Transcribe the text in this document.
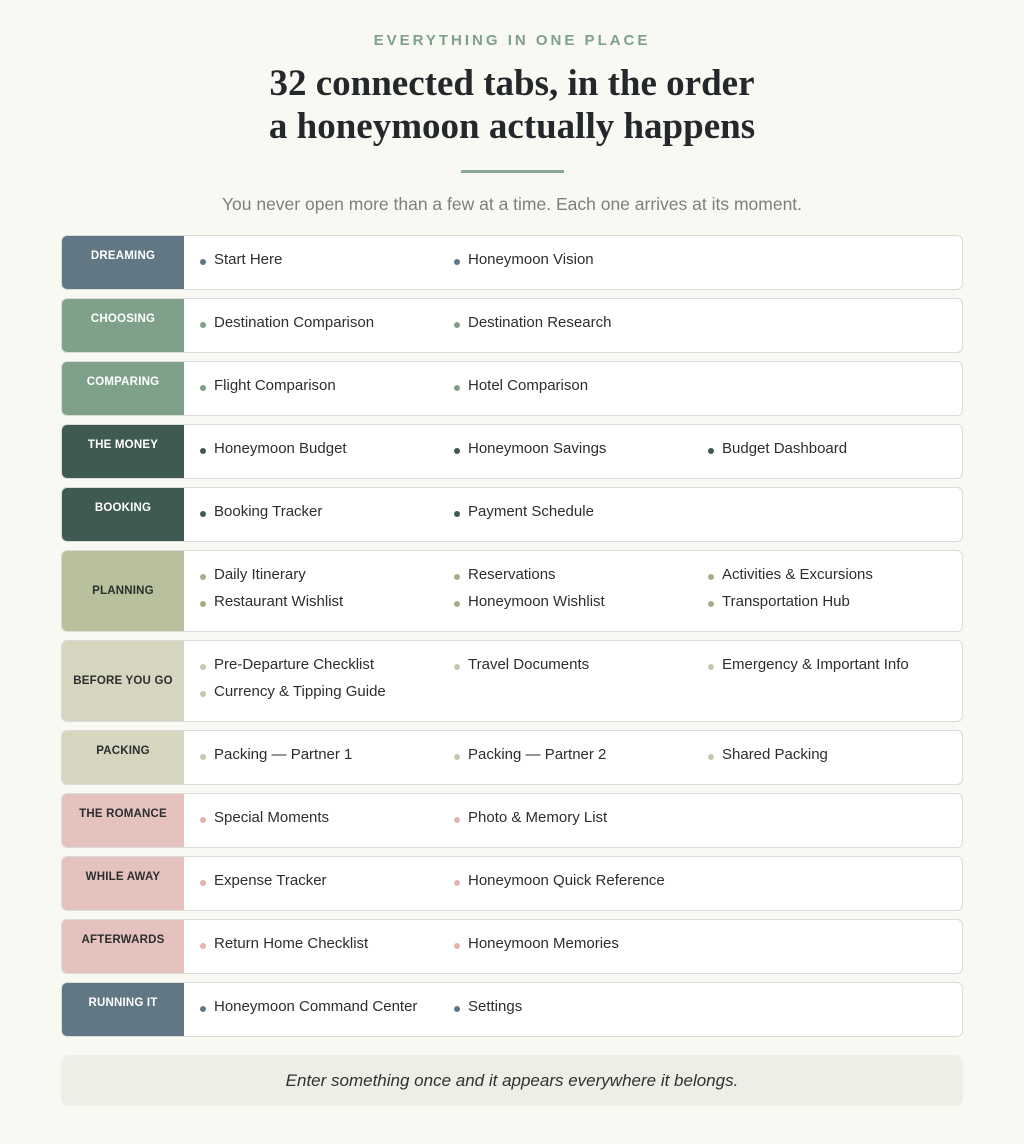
EVERYTHING IN ONE PLACE
32 connected tabs, in the order
a honeymoon actually happens

You never open more than a few at a time. Each one arrives at its moment.

DREAMING	Start Here	Honeymoon Vision
CHOOSING	Destination Comparison	Destination Research
COMPARING	Flight Comparison	Hotel Comparison
THE MONEY	Honeymoon Budget	Honeymoon Savings	Budget Dashboard
BOOKING	Booking Tracker	Payment Schedule
PLANNING
Daily Itinerary	Reservations	Activities & Excursions
Restaurant Wishlist	Honeymoon Wishlist	Transportation Hub
BEFORE YOU GO
Pre-Departure Checklist	Travel Documents	Emergency & Important Info
Currency & Tipping Guide
PACKING	Packing — Partner 1	Packing — Partner 2	Shared Packing
THE ROMANCE	Special Moments	Photo & Memory List
WHILE AWAY	Expense Tracker	Honeymoon Quick Reference
AFTERWARDS	Return Home Checklist	Honeymoon Memories
RUNNING IT	Honeymoon Command Center	Settings
Enter something once and it appears everywhere it belongs.
